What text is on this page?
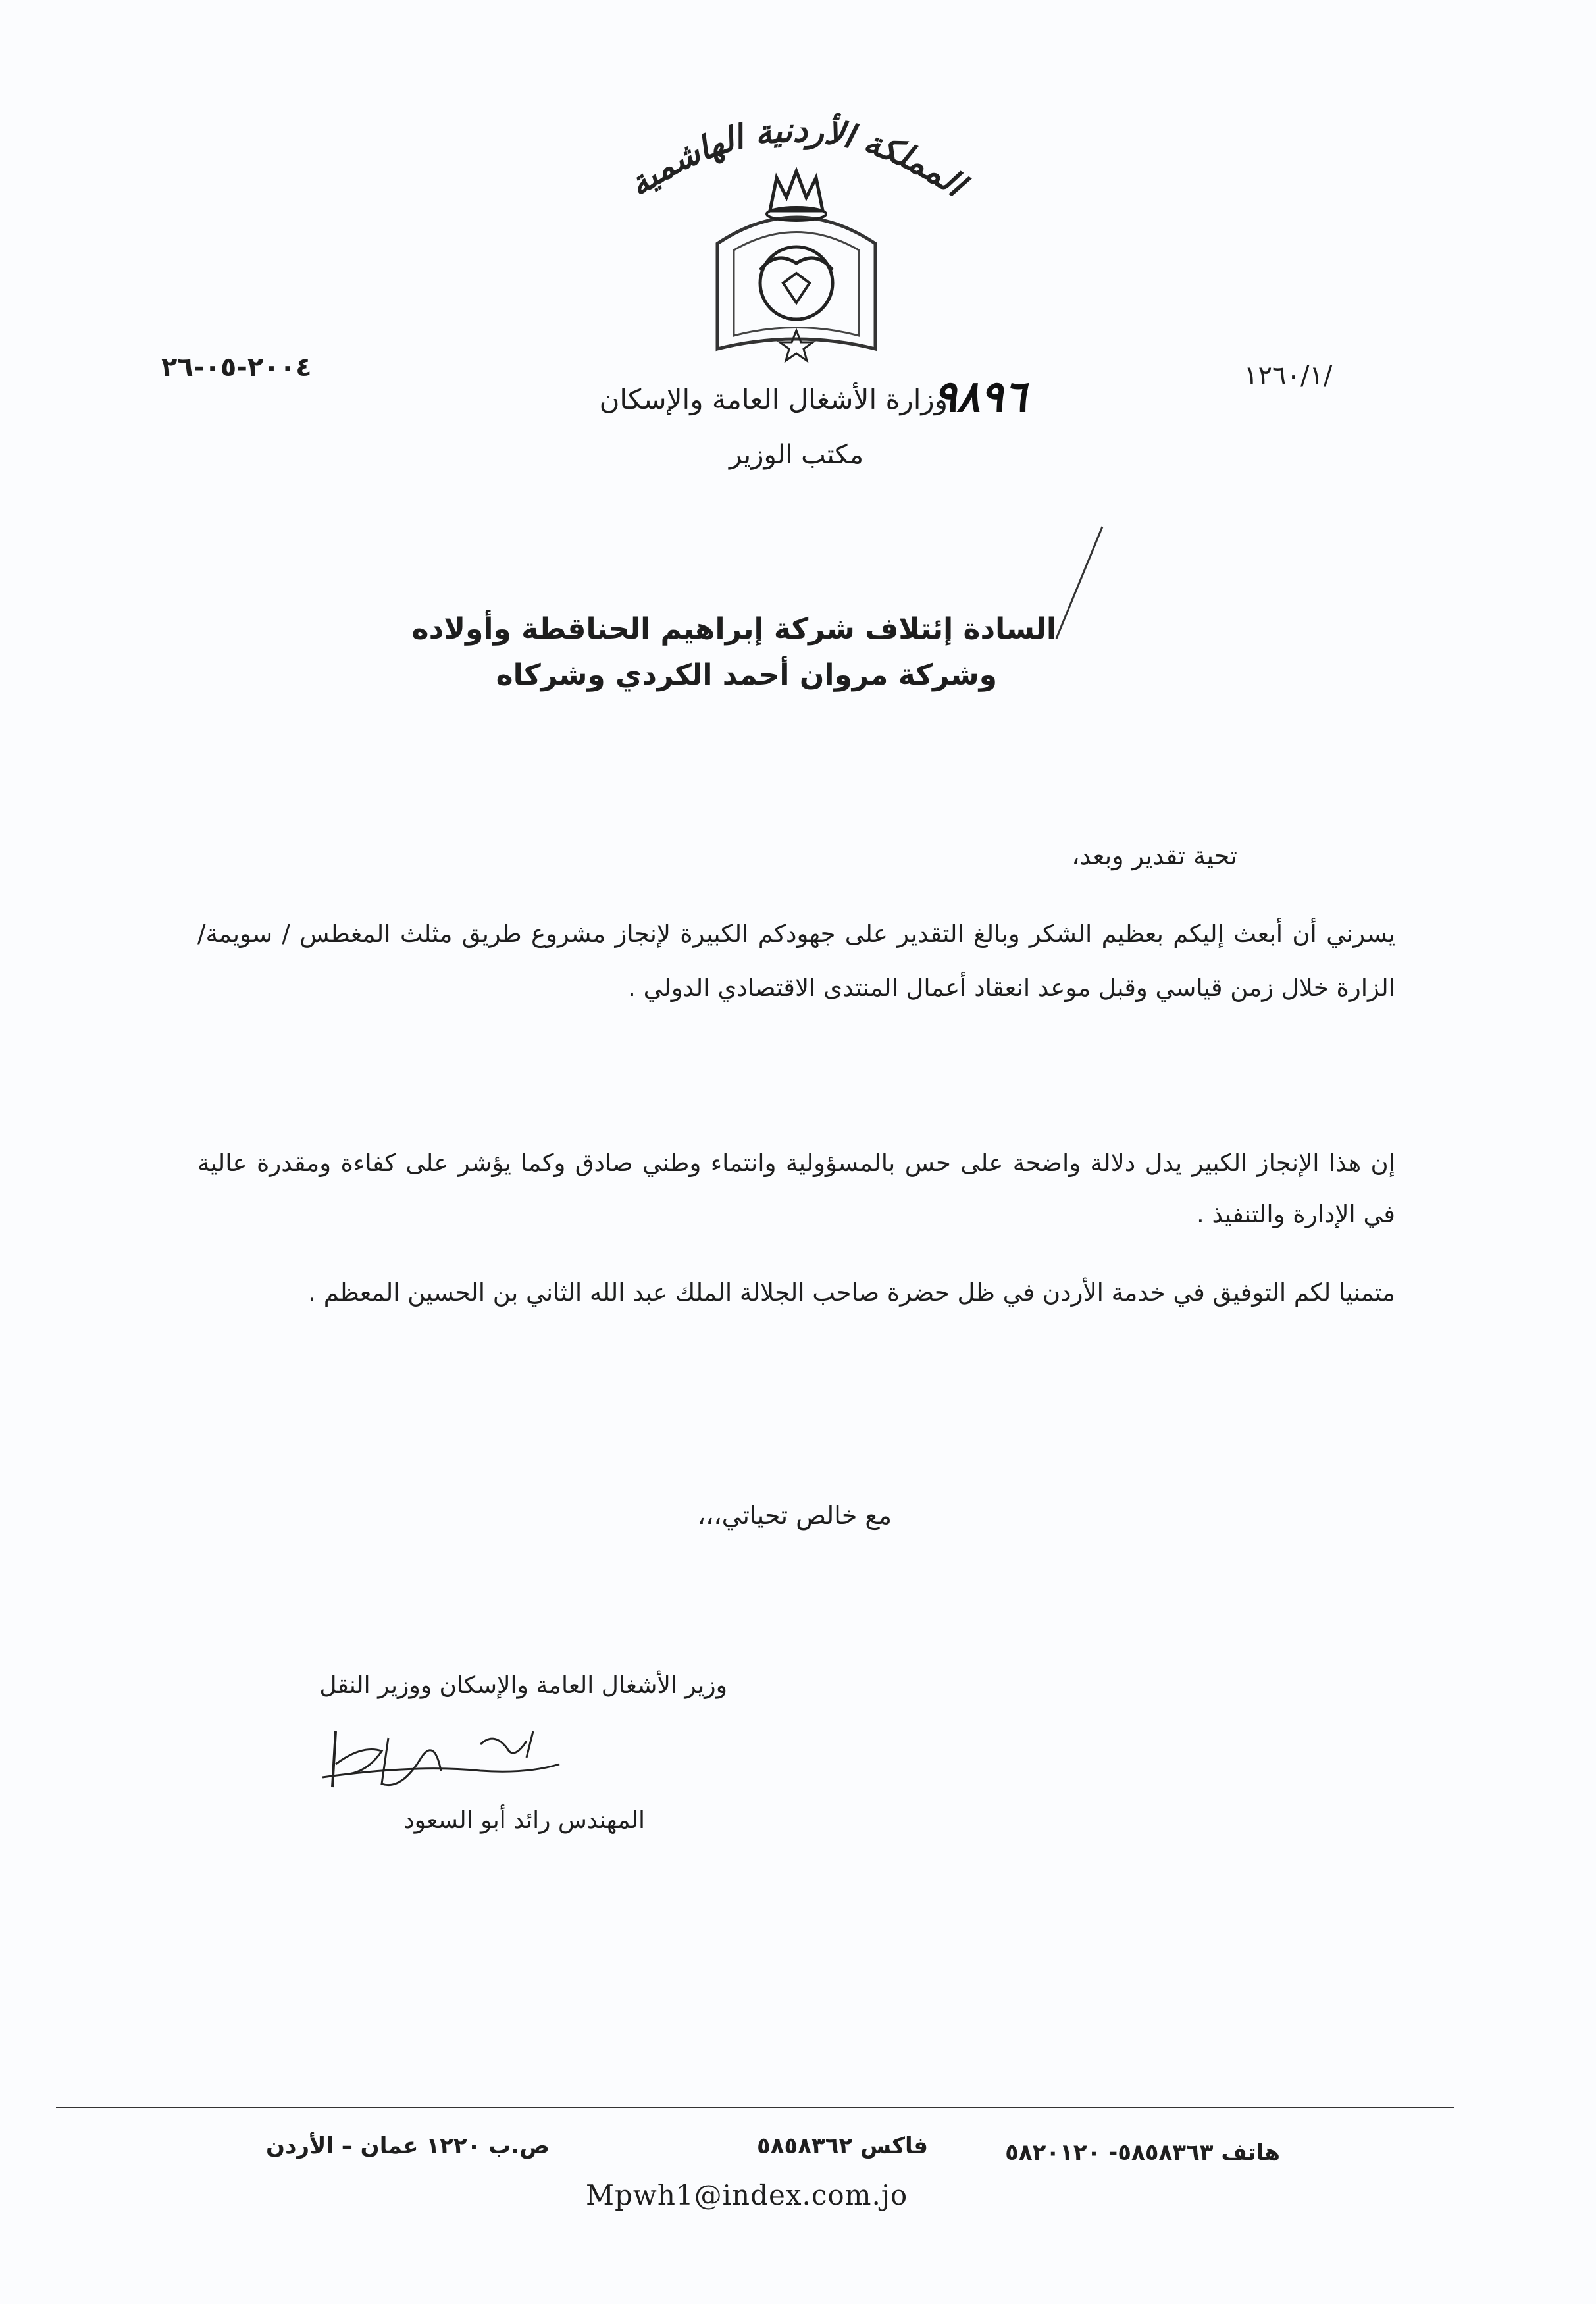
المملكة الأردنية الهاشمية
١٢٦٠/١/
٢٠٠٤-٠٥-٢٦
وزارة الأشغال العامة والإسكان
٩٨٩٦
مكتب الوزير
السادة إئتلاف شركة إبراهيم الحناقطة وأولاده
وشركة مروان أحمد الكردي وشركاه
تحية تقدير وبعد،
يسرني أن أبعث إليكم بعظيم الشكر وبالغ التقدير على جهودكم الكبيرة لإنجاز مشروع طريق مثلث المغطس / سويمة/ الزارة خلال زمن قياسي وقبل موعد انعقاد أعمال المنتدى الاقتصادي الدولي .
إن هذا الإنجاز الكبير يدل دلالة واضحة على حس بالمسؤولية وانتماء وطني صادق وكما يؤشر على كفاءة ومقدرة عالية في الإدارة والتنفيذ .
متمنيا لكم التوفيق في خدمة الأردن في ظل حضرة صاحب الجلالة الملك عبد الله الثاني بن الحسين المعظم .
مع خالص تحياتي،،،
وزير الأشغال العامة والإسكان ووزير النقل
المهندس رائد أبو السعود
هاتف ٥٨٥٨٣٦٣- ٥٨٢٠١٢٠
فاكس ٥٨٥٨٣٦٢
ص.ب ١٢٢٠ عمان – الأردن
Mpwh1@index.com.jo
